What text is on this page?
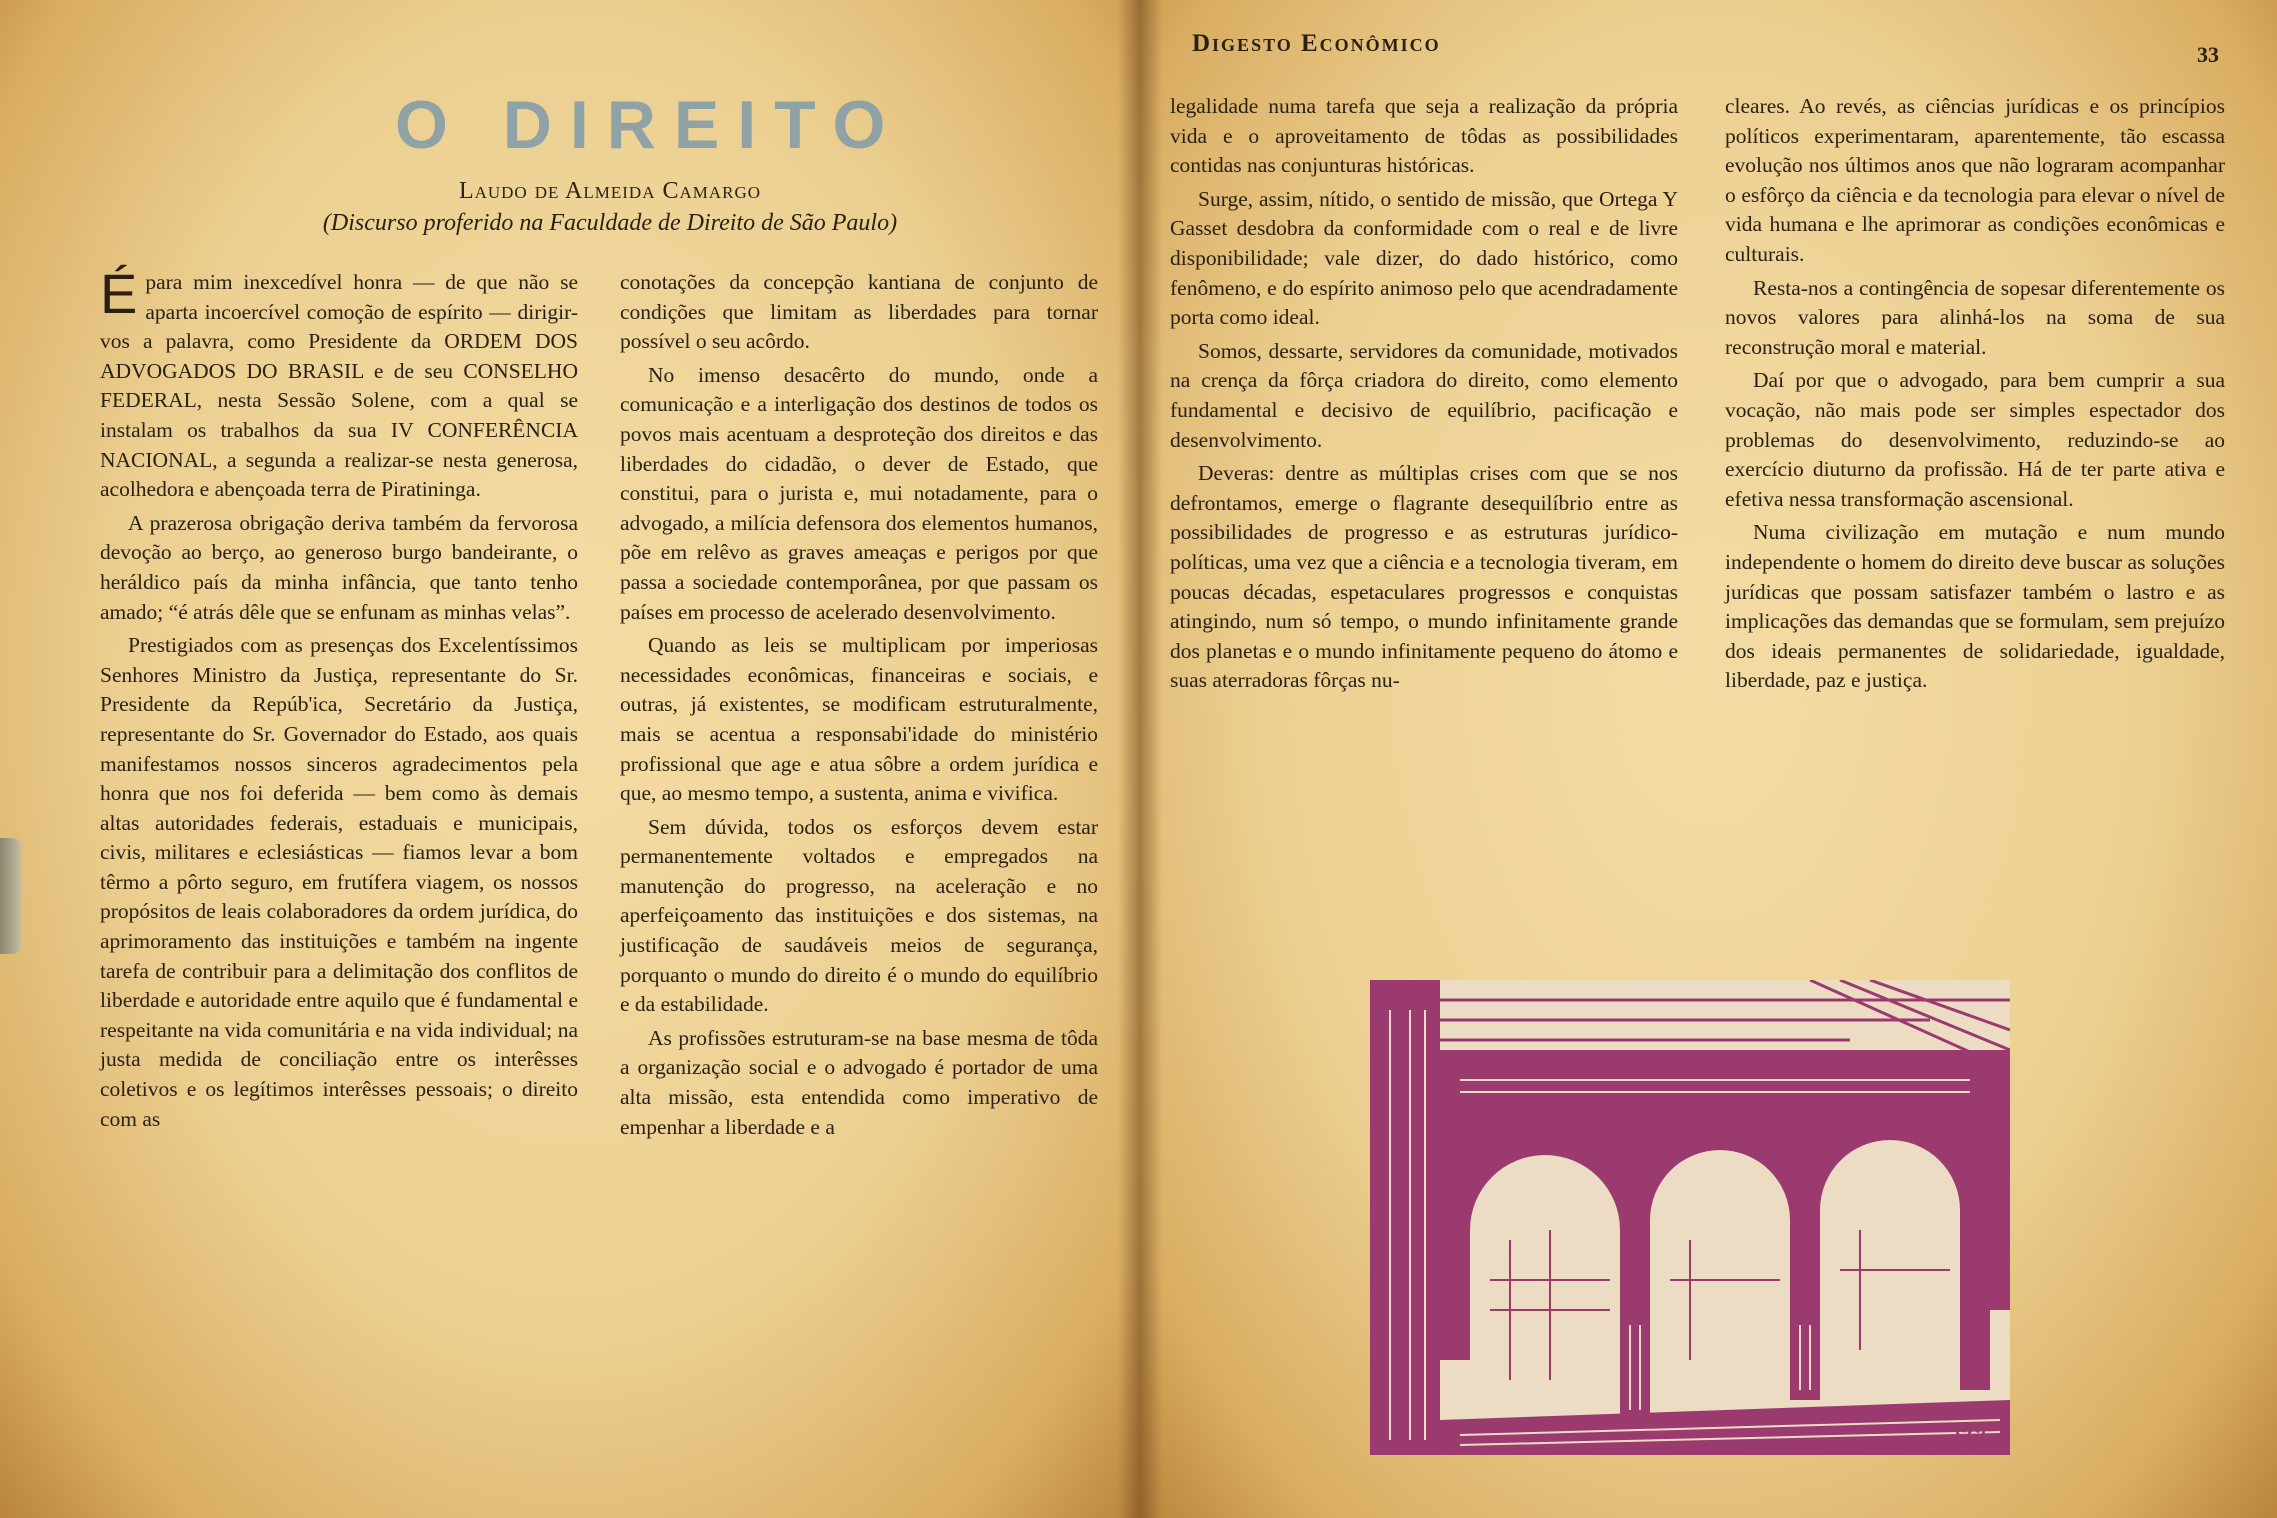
O DIREITO
Laudo de Almeida Camargo
(Discurso proferido na Faculdade de Direito de São Paulo)

Épara mim inexcedível honra — de que não se aparta incoercível comoção de espírito — dirigir-vos a palavra, como Presidente da ORDEM DOS ADVOGADOS DO BRASIL e de seu CONSELHO FEDERAL, nesta Sessão Solene, com a qual se instalam os trabalhos da sua IV CONFERÊNCIA NACIONAL, a segunda a realizar-se nesta generosa, acolhedora e abençoada terra de Piratininga.

A prazerosa obrigação deriva também da fervorosa devoção ao berço, ao generoso burgo bandeirante, o heráldico país da minha infância, que tanto tenho amado; “é atrás dêle que se enfunam as minhas velas”.

Prestigiados com as presenças dos Excelentíssimos Senhores Ministro da Justiça, representante do Sr. Presidente da Repúb'ica, Secretário da Justiça, representante do Sr. Governador do Estado, aos quais manifestamos nossos sinceros agradecimentos pela honra que nos foi deferida — bem como às demais altas autoridades federais, estaduais e municipais, civis, militares e eclesiásticas — fiamos levar a bom têrmo a pôrto seguro, em frutífera viagem, os nossos propósitos de leais colaboradores da ordem jurídica, do aprimoramento das instituições e também na ingente tarefa de contribuir para a delimitação dos conflitos de liberdade e autoridade entre aquilo que é fundamental e respeitante na vida comunitária e na vida individual; na justa medida de conciliação entre os interêsses coletivos e os legítimos interêsses pessoais; o direito com as

conotações da concepção kantiana de conjunto de condições que limitam as liberdades para tornar possível o seu acôrdo.

No imenso desacêrto do mundo, onde a comunicação e a interligação dos destinos de todos os povos mais acentuam a desproteção dos direitos e das liberdades do cidadão, o dever de Estado, que constitui, para o jurista e, mui notadamente, para o advogado, a milícia defensora dos elementos humanos, põe em relêvo as graves ameaças e perigos por que passa a sociedade contemporânea, por que passam os países em processo de acelerado desenvolvimento.

Quando as leis se multiplicam por imperiosas necessidades econômicas, financeiras e sociais, e outras, já existentes, se modificam estruturalmente, mais se acentua a responsabi'idade do ministério profissional que age e atua sôbre a ordem jurídica e que, ao mesmo tempo, a sustenta, anima e vivifica.

Sem dúvida, todos os esforços devem estar permanentemente voltados e empregados na manutenção do progresso, na aceleração e no aperfeiçoamento das instituições e dos sistemas, na justificação de saudáveis meios de segurança, porquanto o mundo do direito é o mundo do equilíbrio e da estabilidade.

As profissões estruturam-se na base mesma de tôda a organização social e o advogado é portador de uma alta missão, esta entendida como imperativo de empenhar a liberdade e a

Digesto Econômico	33

legalidade numa tarefa que seja a realização da própria vida e o aproveitamento de tôdas as possibilidades contidas nas conjunturas históricas.

Surge, assim, nítido, o sentido de missão, que Ortega Y Gasset desdobra da conformidade com o real e de livre disponibilidade; vale dizer, do dado histórico, como fenômeno, e do espírito animoso pelo que acendradamente porta como ideal.

Somos, dessarte, servidores da comunidade, motivados na crença da fôrça criadora do direito, como elemento fundamental e decisivo de equilíbrio, pacificação e desenvolvimento.

Deveras: dentre as múltiplas crises com que se nos defrontamos, emerge o flagrante desequilíbrio entre as possibilidades de progresso e as estruturas jurídico-políticas, uma vez que a ciência e a tecnologia tiveram, em poucas décadas, espetaculares progressos e conquistas atingindo, num só tempo, o mundo infinitamente grande dos planetas e o mundo infinitamente pequeno do átomo e suas aterradoras fôrças nu-

cleares. Ao revés, as ciências jurídicas e os princípios políticos experimentaram, aparentemente, tão escassa evolução nos últimos anos que não lograram acompanhar o esfôrço da ciência e da tecnologia para elevar o nível de vida humana e lhe aprimorar as condições econômicas e culturais.

Resta-nos a contingência de sopesar diferentemente os novos valores para alinhá-los na soma de sua reconstrução moral e material.

Daí por que o advogado, para bem cumprir a sua vocação, não mais pode ser simples espectador dos problemas do desenvolvimento, reduzindo-se ao exercício diuturno da profissão. Há de ter parte ativa e efetiva nessa transformação ascensional.

Numa civilização em mutação e num mundo independente o homem do direito deve buscar as soluções jurídicas que possam satisfazer também o lastro e as implicações das demandas que se formulam, sem prejuízo dos ideais permanentes de solidariedade, igualdade, liberdade, paz e justiça.

SGE
